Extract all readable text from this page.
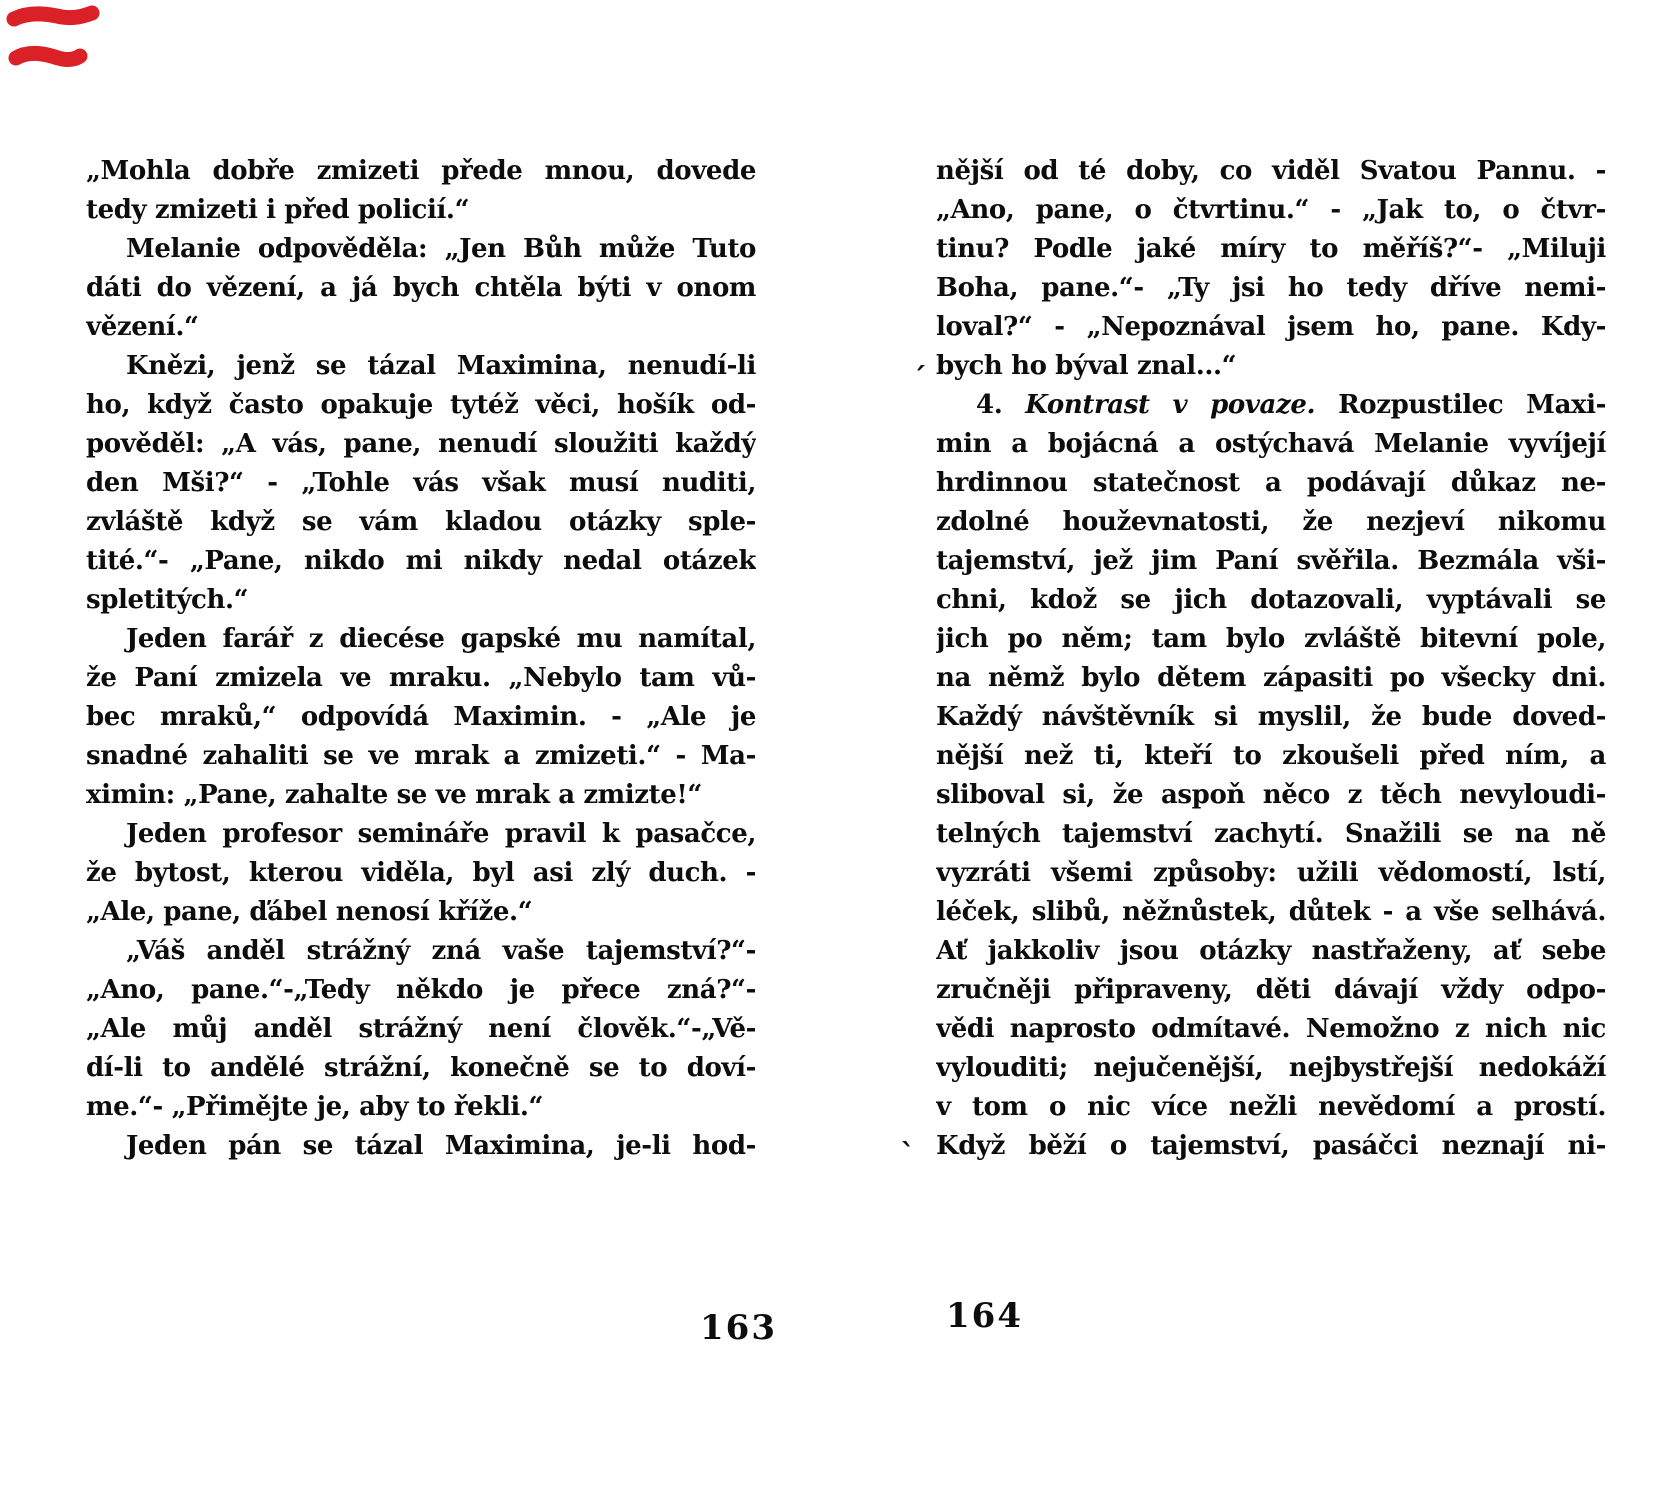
„Mohla dobře zmizeti přede mnou, dovede
tedy zmizeti i před policií.“
Melanie odpověděla: „Jen Bůh může Tuto
dáti do vězení, a já bych chtěla býti v onom
vězení.“
Knězi, jenž se tázal Maximina, nenudí-li
ho, když často opakuje tytéž věci, hošík od-
pověděl: „A vás, pane, nenudí sloužiti každý
den Mši?“ - „Tohle vás však musí nuditi,
zvláště když se vám kladou otázky sple-
tité.“- „Pane, nikdo mi nikdy nedal otázek
spletitých.“
Jeden farář z diecése gapské mu namítal,
že Paní zmizela ve mraku. „Nebylo tam vů-
bec mraků,“ odpovídá Maximin. - „Ale je
snadné zahaliti se ve mrak a zmizeti.“ - Ma-
ximin: „Pane, zahalte se ve mrak a zmizte!“
Jeden profesor semináře pravil k pasačce,
že bytost, kterou viděla, byl asi zlý duch. -
„Ale, pane, ďábel nenosí kříže.“
„Váš anděl strážný zná vaše tajemství?“-
„Ano, pane.“-„Tedy někdo je přece zná?“-
„Ale můj anděl strážný není člověk.“-„Vě-
dí-li to andělé strážní, konečně se to doví-
me.“- „Přimějte je, aby to řekli.“
Jeden pán se tázal Maximina, je-li hod-
nější od té doby, co viděl Svatou Pannu. -
„Ano, pane, o čtvrtinu.“ - „Jak to, o čtvr-
tinu? Podle jaké míry to měříš?“- „Miluji
Boha, pane.“- „Ty jsi ho tedy dříve nemi-
loval?“ - „Nepoznával jsem ho, pane. Kdy-
bych ho býval znal...“
4. Kontrast v povaze. Rozpustilec Maxi-
min a bojácná a ostýchavá Melanie vyvíjejí
hrdinnou statečnost a podávají důkaz ne-
zdolné houževnatosti, že nezjeví nikomu
tajemství, jež jim Paní svěřila. Bezmála vši-
chni, kdož se jich dotazovali, vyptávali se
jich po něm; tam bylo zvláště bitevní pole,
na němž bylo dětem zápasiti po všecky dni.
Každý návštěvník si myslil, že bude doved-
nější než ti, kteří to zkoušeli před ním, a
sliboval si, že aspoň něco z těch nevyloudi-
telných tajemství zachytí. Snažili se na ně
vyzráti všemi způsoby: užili vědomostí, lstí,
léček, slibů, něžnůstek, důtek - a vše selhává.
Ať jakkoliv jsou otázky nastřaženy, ať sebe
zručněji připraveny, děti dávají vždy odpo-
vědi naprosto odmítavé. Nemožno z nich nic
vylouditi; nejučenější, nejbystřejší nedokáží
v tom o nic více nežli nevědomí a prostí.
Když běží o tajemství, pasáčci neznají ni-
´
`
163	164
